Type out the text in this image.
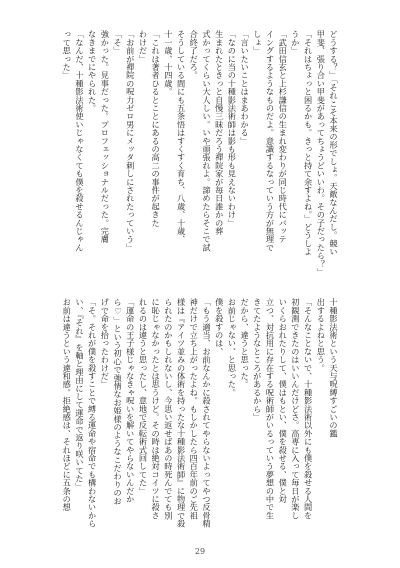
どうする？」「それこそ本来の形でしょ。天敵なんだし。競い
甲斐、張り合い甲斐があってちょうどいいわ。その子だったら？」
「それはちょっと困るかも。きっと持て余すよね。」どうしよ
うか」
「武田信玄と上杉謙信の生まれ変わりが同じ時代にバッテ
イングするようなものだよ。意識するなっていう方が無理で
しょ」
「言いたいことはまあわかる」
「なのに当の十種影法術師は影も形も見えないわけ」
生まれたときっと自慢三昧だろう禪院家が毎日誰かの葬
式かってくらい大人しい。いや頑張れよ。諦めたらそこで試
合終了だろ。
そうしている間にも五条悟はすくすく育ち、八歳、十歳、
十一歳、十四歳。
「これは著者ひるとことにあるの高二の事件が起きた
わけだ」
「お前が禪院の呪力ゼロ男にメッタ刺しにされたっていう」
「そ」
強かった。見事だった。プロフェッショナルだった。完膚
なきまでにやられた。
「なんだ、十種影法術使いじゃなくても僕を殺せるんじゃん
って思った」
十種影法術という天与呪縛すごいの鑑
出するよねと思う。
「そんなことないで、十種影法術以外にも僕を殺せる人間を
初観測できたのはいいんだけどさ。高専に入って毎日が楽し
いくらおれたりして、僕はもとい、僕を殺せる、僕と対
立つ、対抗用に存在する呪術師がいるっていう夢想の中で生
きてたようなところがあるから」
だから、違うと思った。
お前じゃない、と思った。
僕を殺すのは、
「もう適当、お前なんかに殺されてやらないよってやつ反骨精
神だけで立ち上がったよね。もしかしたら四百年前のご先祖
様は『アイツ並みの体術を持ったな十種影法術師』に物理で殺
られたのかもしれないし、今思い返せばあの時死んでても別
に恥じゃなかったとは思うけど。その時は絶対コイツに殺さ
れるのは違うと思ったし、意地で反転術式回してた」
「運命の王子様じゃなきゃ呪いを解いてやらないんだか
ら♡」という初心で強情なお姫様のようなこだわりのお
げで命を拾ったわけだ」
「そ。それが僕を殺すことで縛る運命や宿命でも構わないから
い、『それ』を軸と理由にして運命で返り咲いてた」
お前は違うという違和感。拒絶感は、それほどに五条の想
29
